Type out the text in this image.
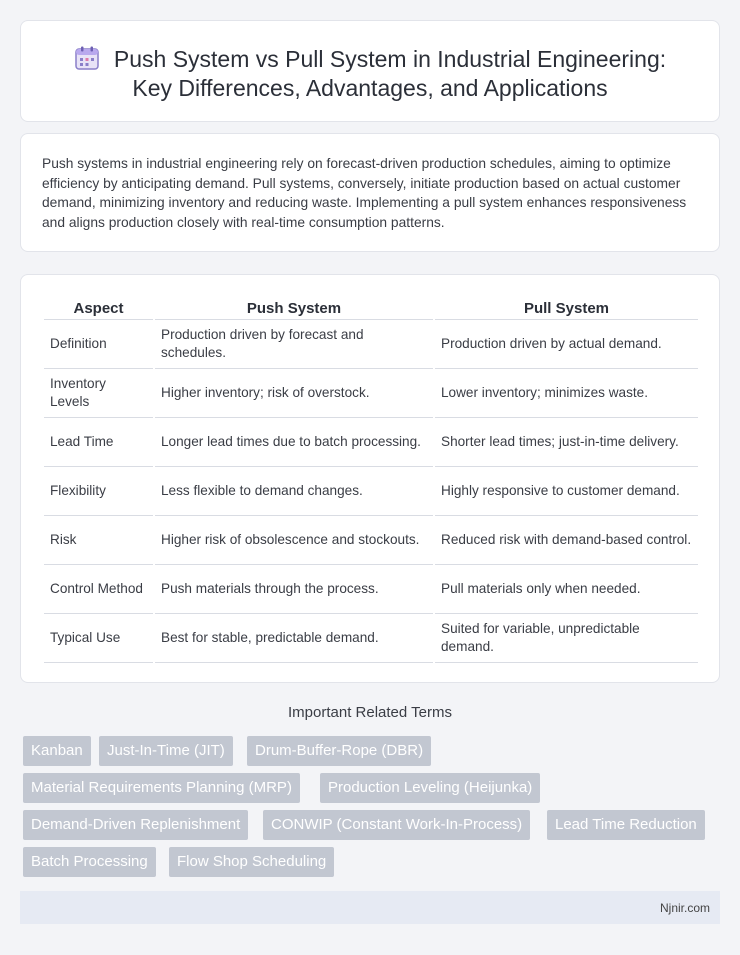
Push System vs Pull System in Industrial Engineering:
Key Differences, Advantages, and Applications

Push systems in industrial engineering rely on forecast-driven production schedules, aiming to optimize efficiency by anticipating demand. Pull systems, conversely, initiate production based on actual customer demand, minimizing inventory and reducing waste. Implementing a pull system enhances responsiveness and aligns production closely with real-time consumption patterns.

Aspect	Push System	Pull System
Definition	Production driven by forecast and schedules.	Production driven by actual demand.
Inventory Levels	Higher inventory; risk of overstock.	Lower inventory; minimizes waste.
Lead Time	Longer lead times due to batch processing.	Shorter lead times; just-in-time delivery.
Flexibility	Less flexible to demand changes.	Highly responsive to customer demand.
Risk	Higher risk of obsolescence and stockouts.	Reduced risk with demand-based control.
Control Method	Push materials through the process.	Pull materials only when needed.
Typical Use	Best for stable, predictable demand.	Suited for variable, unpredictable demand.
Important Related Terms
Kanban	Just-In-Time (JIT)	Drum-Buffer-Rope (DBR)
Material Requirements Planning (MRP)	Production Leveling (Heijunka)
Demand-Driven Replenishment	CONWIP (Constant Work-In-Process)	Lead Time Reduction
Batch Processing	Flow Shop Scheduling
Njnir.com
